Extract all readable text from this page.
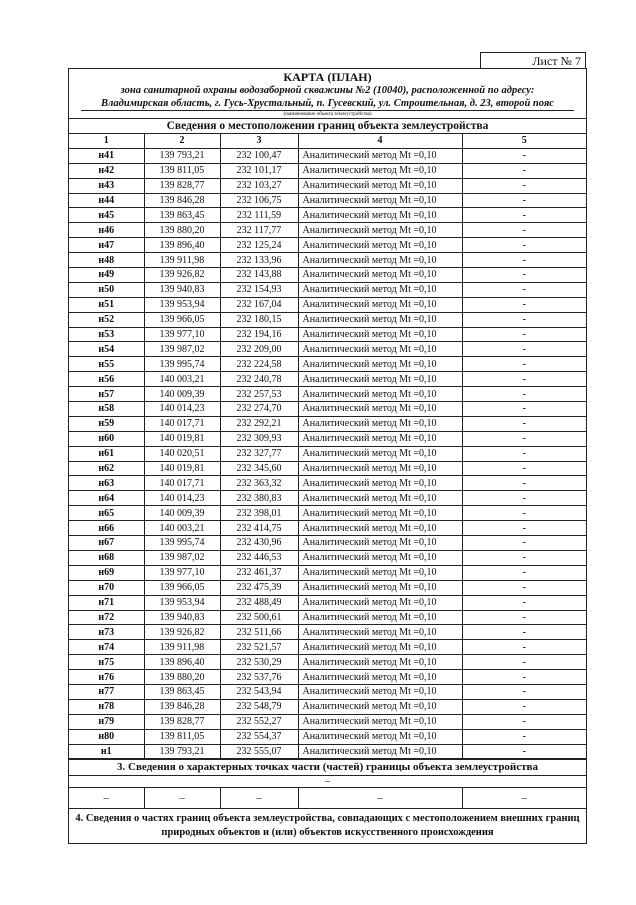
Лист № 7
КАРТА (ПЛАН)
зона санитарной охраны водозаборной скважины №2 (10040), расположенной по адресу:
Владимирская область, г. Гусь-Хрустальный, п. Гусевский, ул. Строительная, д. 23, второй пояс
(наименование объекта землеустройства)
Сведения о местоположении границ объекта землеустройства
1	2	3	4	5
н41	139 793,21	232 100,47	Аналитический метод Mt =0,10	-
н42	139 811,05	232 101,17	Аналитический метод Mt =0,10	-
н43	139 828,77	232 103,27	Аналитический метод Mt =0,10	-
н44	139 846,28	232 106,75	Аналитический метод Mt =0,10	-
н45	139 863,45	232 111,59	Аналитический метод Mt =0,10	-
н46	139 880,20	232 117,77	Аналитический метод Mt =0,10	-
н47	139 896,40	232 125,24	Аналитический метод Mt =0,10	-
н48	139 911,98	232 133,96	Аналитический метод Mt =0,10	-
н49	139 926,82	232 143,88	Аналитический метод Mt =0,10	-
н50	139 940,83	232 154,93	Аналитический метод Mt =0,10	-
н51	139 953,94	232 167,04	Аналитический метод Mt =0,10	-
н52	139 966,05	232 180,15	Аналитический метод Mt =0,10	-
н53	139 977,10	232 194,16	Аналитический метод Mt =0,10	-
н54	139 987,02	232 209,00	Аналитический метод Mt =0,10	-
н55	139 995,74	232 224,58	Аналитический метод Mt =0,10	-
н56	140 003,21	232 240,78	Аналитический метод Mt =0,10	-
н57	140 009,39	232 257,53	Аналитический метод Mt =0,10	-
н58	140 014,23	232 274,70	Аналитический метод Mt =0,10	-
н59	140 017,71	232 292,21	Аналитический метод Mt =0,10	-
н60	140 019,81	232 309,93	Аналитический метод Mt =0,10	-
н61	140 020,51	232 327,77	Аналитический метод Mt =0,10	-
н62	140 019,81	232 345,60	Аналитический метод Mt =0,10	-
н63	140 017,71	232 363,32	Аналитический метод Mt =0,10	-
н64	140 014,23	232 380,83	Аналитический метод Mt =0,10	-
н65	140 009,39	232 398,01	Аналитический метод Mt =0,10	-
н66	140 003,21	232 414,75	Аналитический метод Mt =0,10	-
н67	139 995,74	232 430,96	Аналитический метод Mt =0,10	-
н68	139 987,02	232 446,53	Аналитический метод Mt =0,10	-
н69	139 977,10	232 461,37	Аналитический метод Mt =0,10	-
н70	139 966,05	232 475,39	Аналитический метод Mt =0,10	-
н71	139 953,94	232 488,49	Аналитический метод Mt =0,10	-
н72	139 940,83	232 500,61	Аналитический метод Mt =0,10	-
н73	139 926,82	232 511,66	Аналитический метод Mt =0,10	-
н74	139 911,98	232 521,57	Аналитический метод Mt =0,10	-
н75	139 896,40	232 530,29	Аналитический метод Mt =0,10	-
н76	139 880,20	232 537,76	Аналитический метод Mt =0,10	-
н77	139 863,45	232 543,94	Аналитический метод Mt =0,10	-
н78	139 846,28	232 548,79	Аналитический метод Mt =0,10	-
н79	139 828,77	232 552,27	Аналитический метод Mt =0,10	-
н80	139 811,05	232 554,37	Аналитический метод Mt =0,10	-
н1	139 793,21	232 555,07	Аналитический метод Mt =0,10	-
3. Сведения о характерных точках части (частей) границы объекта землеустройства
–
–	–	–	–	–
4. Сведения о частях границ объекта землеустройства, совпадающих с местоположением внешних границ природных объектов и (или) объектов искусственного происхождения
